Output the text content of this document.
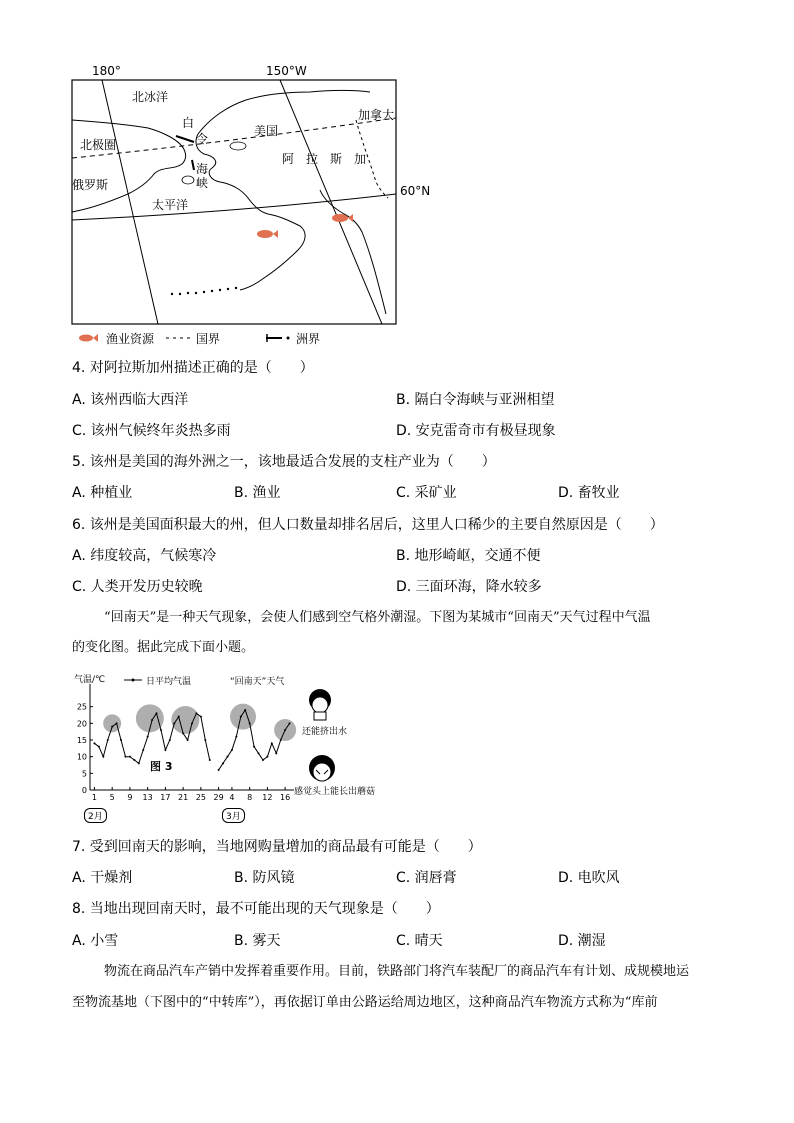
180°	150°W
60°N
北冰洋
北极圈
俄罗斯
太平洋
美国
加拿大
阿 拉 斯 加
白
令
海
峡
渔业资源	国界	洲界
4. 对阿拉斯加州描述正确的是（　　）
A. 该州西临大西洋	B. 隔白令海峡与亚洲相望
C. 该州气候终年炎热多雨	D. 安克雷奇市有极昼现象
5. 该州是美国的海外洲之一，该地最适合发展的支柱产业为（　　）
A. 种植业	B. 渔业	C. 采矿业	D. 畜牧业
6. 该州是美国面积最大的州，但人口数量却排名居后，这里人口稀少的主要自然原因是（　　）
A. 纬度较高，气候寒冷	B. 地形崎岖，交通不便
C. 人类开发历史较晚	D. 三面环海，降水较多
“回南天”是一种天气现象，会使人们感到空气格外潮湿。下图为某城市“回南天”天气过程中气温
的变化图。据此完成下面小题。
0
5
10
15
20
25
1 5 9 13 17 21 25 29 4 8 12 16
气温/℃	日平均气温	“回南天”天气
图 3
还能挤出水
感觉头上能长出蘑菇
2月	3月
7. 受到回南天的影响，当地网购量增加的商品最有可能是（　　）
A. 干燥剂	B. 防风镜	C. 润唇膏	D. 电吹风
8. 当地出现回南天时，最不可能出现的天气现象是（　　）
A. 小雪	B. 雾天	C. 晴天	D. 潮湿
物流在商品汽车产销中发挥着重要作用。目前，铁路部门将汽车装配厂的商品汽车有计划、成规模地运
至物流基地（下图中的“中转库”），再依据订单由公路运给周边地区，这种商品汽车物流方式称为“库前
